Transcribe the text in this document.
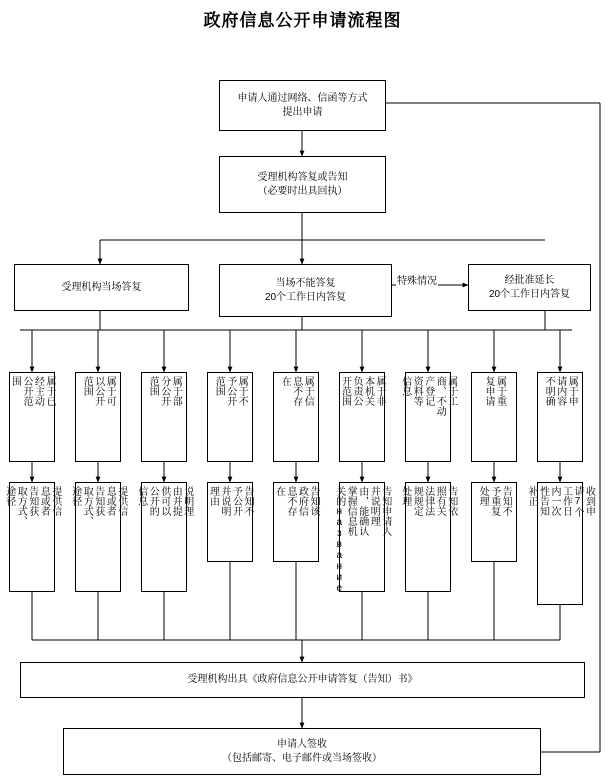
政府信息公开申请流程图
申请人通过网络、信函等方式
提出申请
受理机构答复或告知
（必要时出具回执）
受理机构当场答复	当场不能答复
20个工作日内答复
经批准延长
20个工作日内答复
特殊情况
属于已
经主动
公开范
围	属于可
以公开
范围	属于部
分公开
范围	属于不
予公开
范围	属于信
息不存
在	属于非
本机关
负责公
开范围	属于工
商、不动
产登记
资料等
信息	属于重
复申请	属于申
请内容
不明确
提供信
息或者
告知获
取方式、
途径	提供信
息或者
告知获
取方式、
途径	说明理
由并提
供可以
公开的
信息	告知不
予公开
并说明
理由	告知该
政府信
息不存
在	告知申请人
并说明理
由，能确认
掌握信息机
关的название	告知依
照有关
法律法
规规定
处理	告知不
予重复
处理	收到申
请7个
工作日
内一次
性告知
补正
受理机构出具《政府信息公开申请答复（告知）书》
申请人签收
（包括邮寄、电子邮件或当场签收）
